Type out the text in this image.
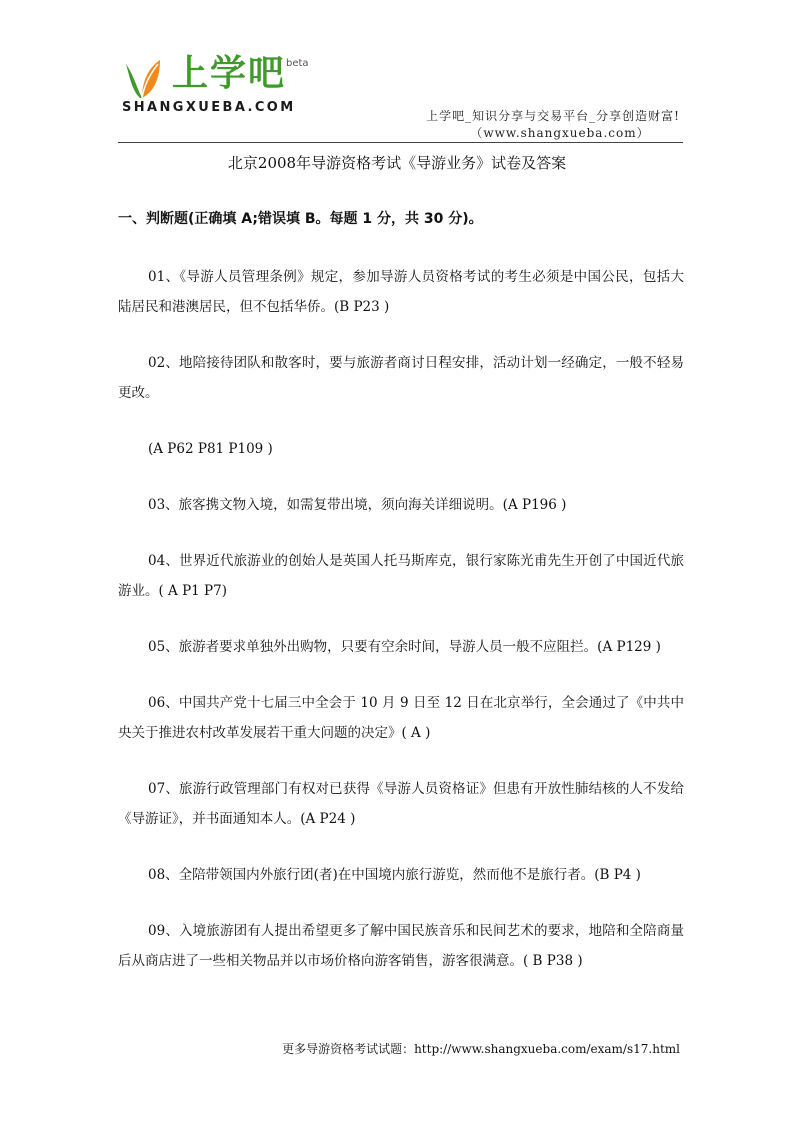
上学吧 beta
SHANGXUEBA.COM
上学吧_知识分享与交易平台_分享创造财富!
（www.shangxueba.com）
北京2008年导游资格考试《导游业务》试卷及答案
一、判断题(正确填 A;错误填 B。每题 1 分，共 30 分)。

01、《导游人员管理条例》规定，参加导游人员资格考试的考生必须是中国公民，包括大陆居民和港澳居民，但不包括华侨。(B P23 )

02、地陪接待团队和散客时，要与旅游者商讨日程安排，活动计划一经确定，一般不轻易更改。

(A P62 P81 P109 )

03、旅客携文物入境，如需复带出境，须向海关详细说明。(A P196 )

04、世界近代旅游业的创始人是英国人托马斯库克，银行家陈光甫先生开创了中国近代旅游业。( A P1 P7)

05、旅游者要求单独外出购物，只要有空余时间，导游人员一般不应阻拦。(A P129 )

06、中国共产党十七届三中全会于 10 月 9 日至 12 日在北京举行，全会通过了《中共中央关于推进农村改革发展若干重大问题的决定》( A )

07、旅游行政管理部门有权对已获得《导游人员资格证》但患有开放性肺结核的人不发给《导游证》，并书面通知本人。(A P24 )

08、全陪带领国内外旅行团(者)在中国境内旅行游览，然而他不是旅行者。(B P4 )

09、入境旅游团有人提出希望更多了解中国民族音乐和民间艺术的要求，地陪和全陪商量后从商店进了一些相关物品并以市场价格向游客销售，游客很满意。( B P38 )

更多导游资格考试试题：http://www.shangxueba.com/exam/s17.html
